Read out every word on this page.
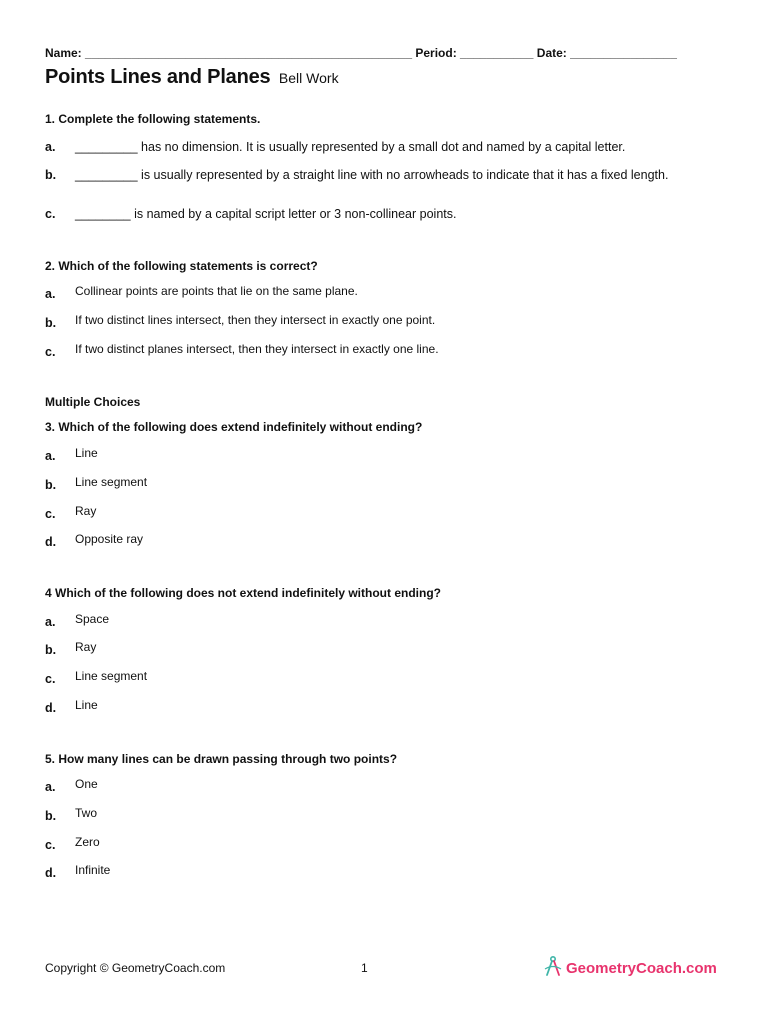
Name: _________________________________________________ Period: ___________ Date: ________________
Points Lines and Planes Bell Work
1. Complete the following statements.
a. _________ has no dimension. It is usually represented by a small dot and named by a capital letter.
b. _________ is usually represented by a straight line with no arrowheads to indicate that it has a fixed length.
c. ________ is named by a capital script letter or 3 non-collinear points.
2. Which of the following statements is correct?
a. Collinear points are points that lie on the same plane.
b. If two distinct lines intersect, then they intersect in exactly one point.
c. If two distinct planes intersect, then they intersect in exactly one line.
Multiple Choices
3. Which of the following does extend indefinitely without ending?
a. Line
b. Line segment
c. Ray
d. Opposite ray
4 Which of the following does not extend indefinitely without ending?
a. Space
b. Ray
c. Line segment
d. Line
5. How many lines can be drawn passing through two points?
a. One
b. Two
c. Zero
d. Infinite
Copyright © GeometryCoach.com	1	GeometryCoach.com
